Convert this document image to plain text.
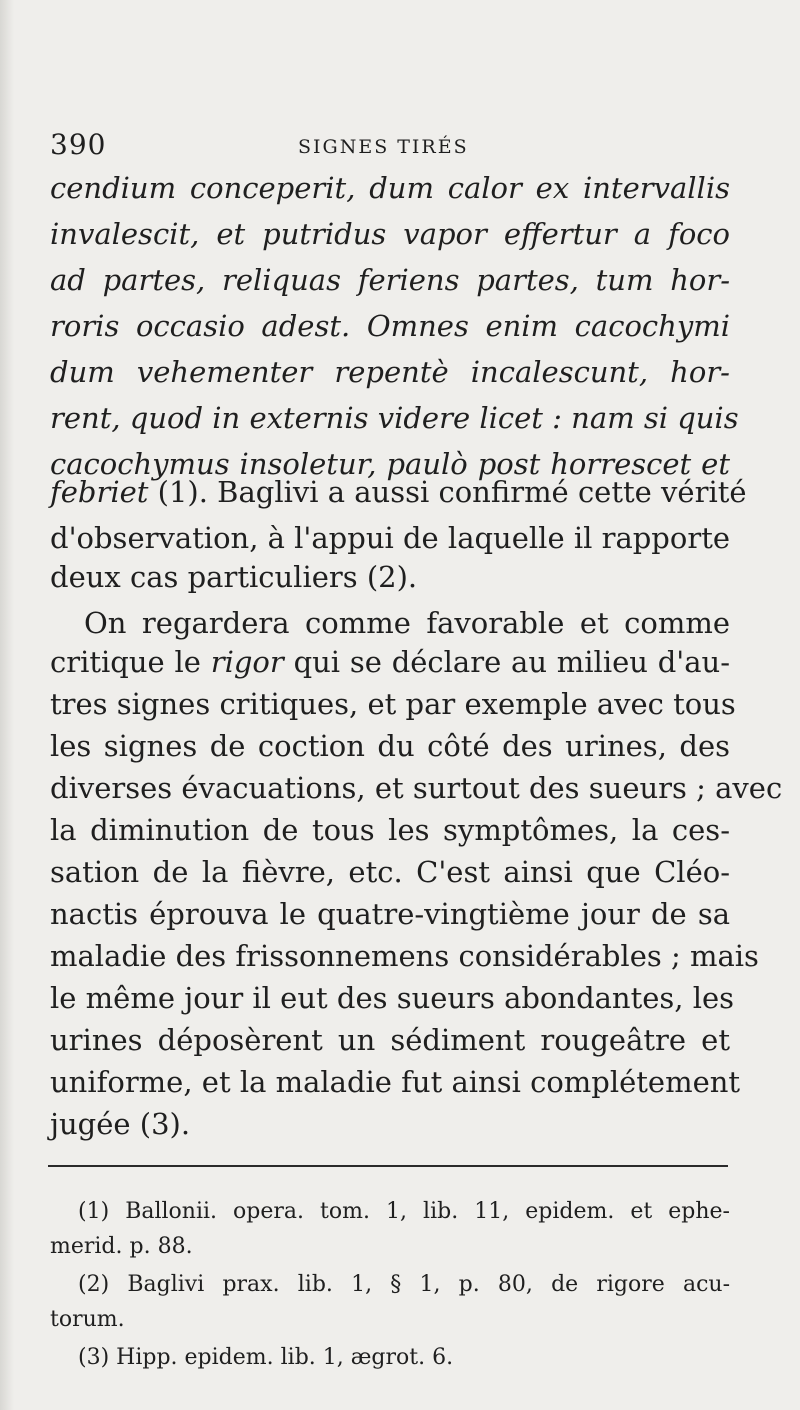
390	SIGNES TIRÉS
cendium conceperit, dum calor ex intervallis
invalescit, et putridus vapor effertur a foco
ad partes, reliquas feriens partes, tum hor-
roris occasio adest. Omnes enim cacochymi
dum vehementer repentè incalescunt, hor-
rent, quod in externis videre licet : nam si quis
cacochymus insoletur, paulò post horrescet et
febriet (1). Baglivi a aussi confirmé cette vérité
d'observation, à l'appui de laquelle il rapporte
deux cas particuliers (2).
On regardera comme favorable et comme
critique le rigor qui se déclare au milieu d'au-
tres signes critiques, et par exemple avec tous
les signes de coction du côté des urines, des
diverses évacuations, et surtout des sueurs ; avec
la diminution de tous les symptômes, la ces-
sation de la fièvre, etc. C'est ainsi que Cléo-
nactis éprouva le quatre-vingtième jour de sa
maladie des frissonnemens considérables ; mais
le même jour il eut des sueurs abondantes, les
urines déposèrent un sédiment rougeâtre et
uniforme, et la maladie fut ainsi complétement
jugée (3).
(1) Ballonii. opera. tom. 1, lib. 11, epidem. et ephe-
merid. p. 88.
(2) Baglivi prax. lib. 1, § 1, p. 80, de rigore acu-
torum.
(3) Hipp. epidem. lib. 1, ægrot. 6.
